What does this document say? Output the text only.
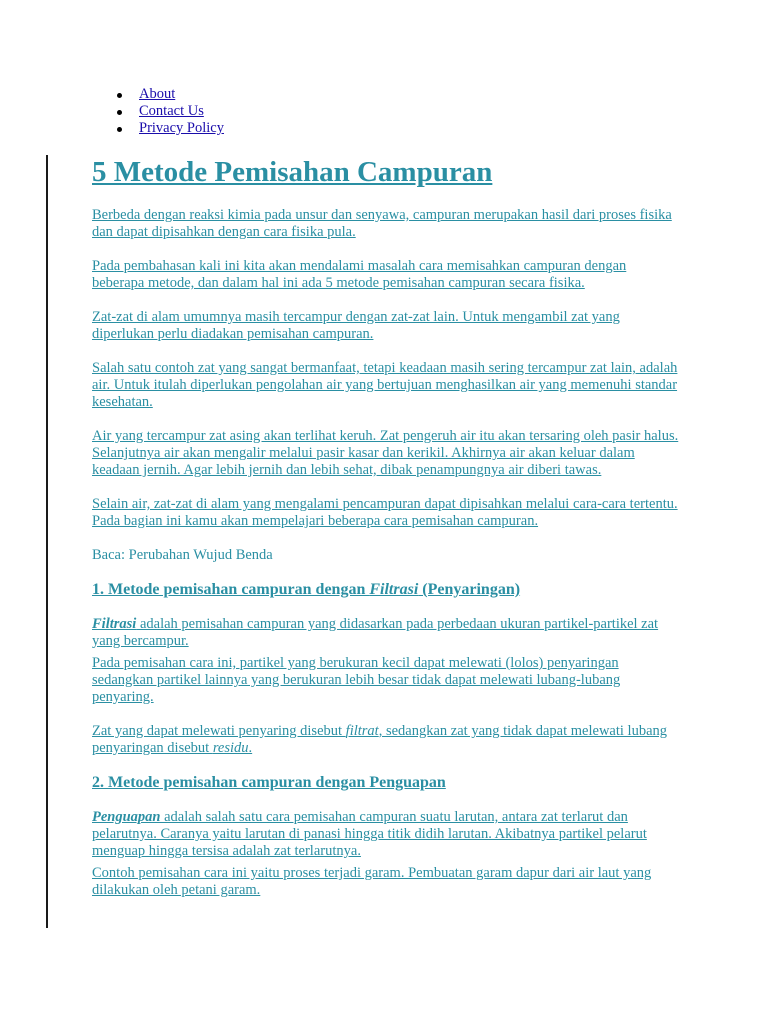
About
Contact Us
Privacy Policy
5 Metode Pemisahan Campuran

Berbeda dengan reaksi kimia pada unsur dan senyawa, campuran merupakan hasil dari proses fisika dan dapat dipisahkan dengan cara fisika pula.

Pada pembahasan kali ini kita akan mendalami masalah cara memisahkan campuran dengan beberapa metode, dan dalam hal ini ada 5 metode pemisahan campuran secara fisika.

Zat-zat di alam umumnya masih tercampur dengan zat-zat lain. Untuk mengambil zat yang diperlukan perlu diadakan pemisahan campuran.

Salah satu contoh zat yang sangat bermanfaat, tetapi keadaan masih sering tercampur zat lain, adalah air. Untuk itulah diperlukan pengolahan air yang bertujuan menghasilkan air yang memenuhi standar kesehatan.

Air yang tercampur zat asing akan terlihat keruh. Zat pengeruh air itu akan tersaring oleh pasir halus. Selanjutnya air akan mengalir melalui pasir kasar dan kerikil. Akhirnya air akan keluar dalam keadaan jernih. Agar lebih jernih dan lebih sehat, dibak penampungnya air diberi tawas.

Selain air, zat-zat di alam yang mengalami pencampuran dapat dipisahkan melalui cara-cara tertentu. Pada bagian ini kamu akan mempelajari beberapa cara pemisahan campuran.

Baca: Perubahan Wujud Benda

1. Metode pemisahan campuran dengan Filtrasi (Penyaringan)

Filtrasi adalah pemisahan campuran yang didasarkan pada perbedaan ukuran partikel-partikel zat yang bercampur.

Pada pemisahan cara ini, partikel yang berukuran kecil dapat melewati (lolos) penyaringan sedangkan partikel lainnya yang berukuran lebih besar tidak dapat melewati lubang-lubang penyaring.

Zat yang dapat melewati penyaring disebut filtrat, sedangkan zat yang tidak dapat melewati lubang penyaringan disebut residu.

2. Metode pemisahan campuran dengan Penguapan

Penguapan adalah salah satu cara pemisahan campuran suatu larutan, antara zat terlarut dan pelarutnya. Caranya yaitu larutan di panasi hingga titik didih larutan. Akibatnya partikel pelarut menguap hingga tersisa adalah zat terlarutnya.

Contoh pemisahan cara ini yaitu proses terjadi garam. Pembuatan garam dapur dari air laut yang dilakukan oleh petani garam.
